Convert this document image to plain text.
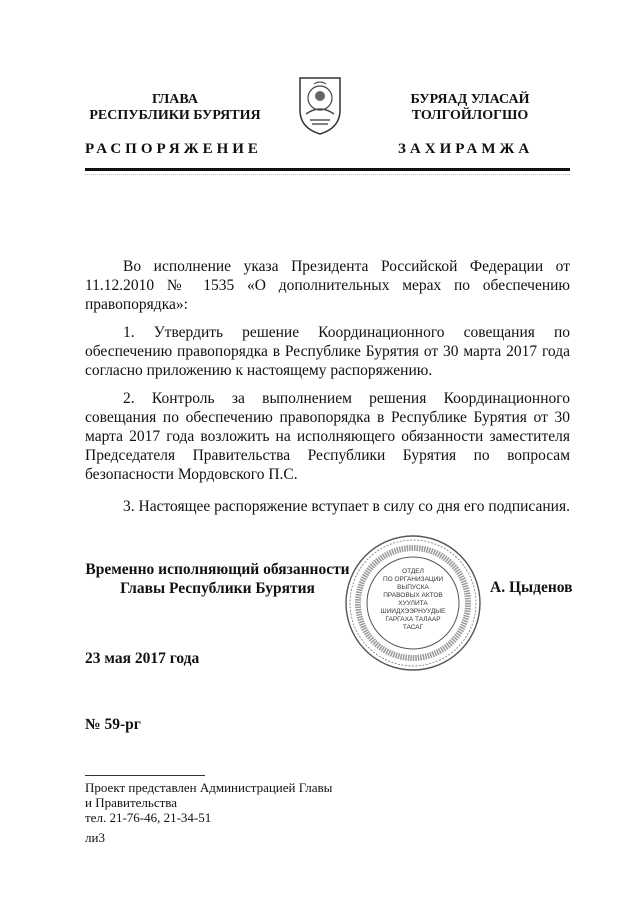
ГЛАВА
РЕСПУБЛИКИ БУРЯТИЯ
БУРЯАД УЛАСАЙ
ТОЛГОЙЛОГШО
РАСПОРЯЖЕНИЕ	ЗАХИРАМЖА
Во исполнение указа Президента Российской Федерации от 11.12.2010 № 1535 «О дополнительных мерах по обеспечению правопорядка»:
1. Утвердить решение Координационного совещания по обеспечению правопорядка в Республике Бурятия от 30 марта 2017 года согласно приложению к настоящему распоряжению.
2. Контроль за выполнением решения Координационного совещания по обеспечению правопорядка в Республике Бурятия от 30 марта 2017 года возложить на исполняющего обязанности заместителя Председателя Правительства Республики Бурятия по вопросам безопасности Мордовского П.С.
3. Настоящее распоряжение вступает в силу со дня его подписания.
Временно исполняющий обязанности
Главы Республики Бурятия
ОТДЕЛ
ПО ОРГАНИЗАЦИИ
ВЫПУСКА
ПРАВОВЫХ АКТОВ
ХУУЛИТА
ШИИДХЭЭРНУУДЫЕ
ГАРГАХА ТАЛААР
ТАСАГ
А. Цыденов
23 мая 2017 года
№ 59-рг
Проект представлен Администрацией Главы
и Правительства
тел. 21-76-46, 21-34-51
ли3
